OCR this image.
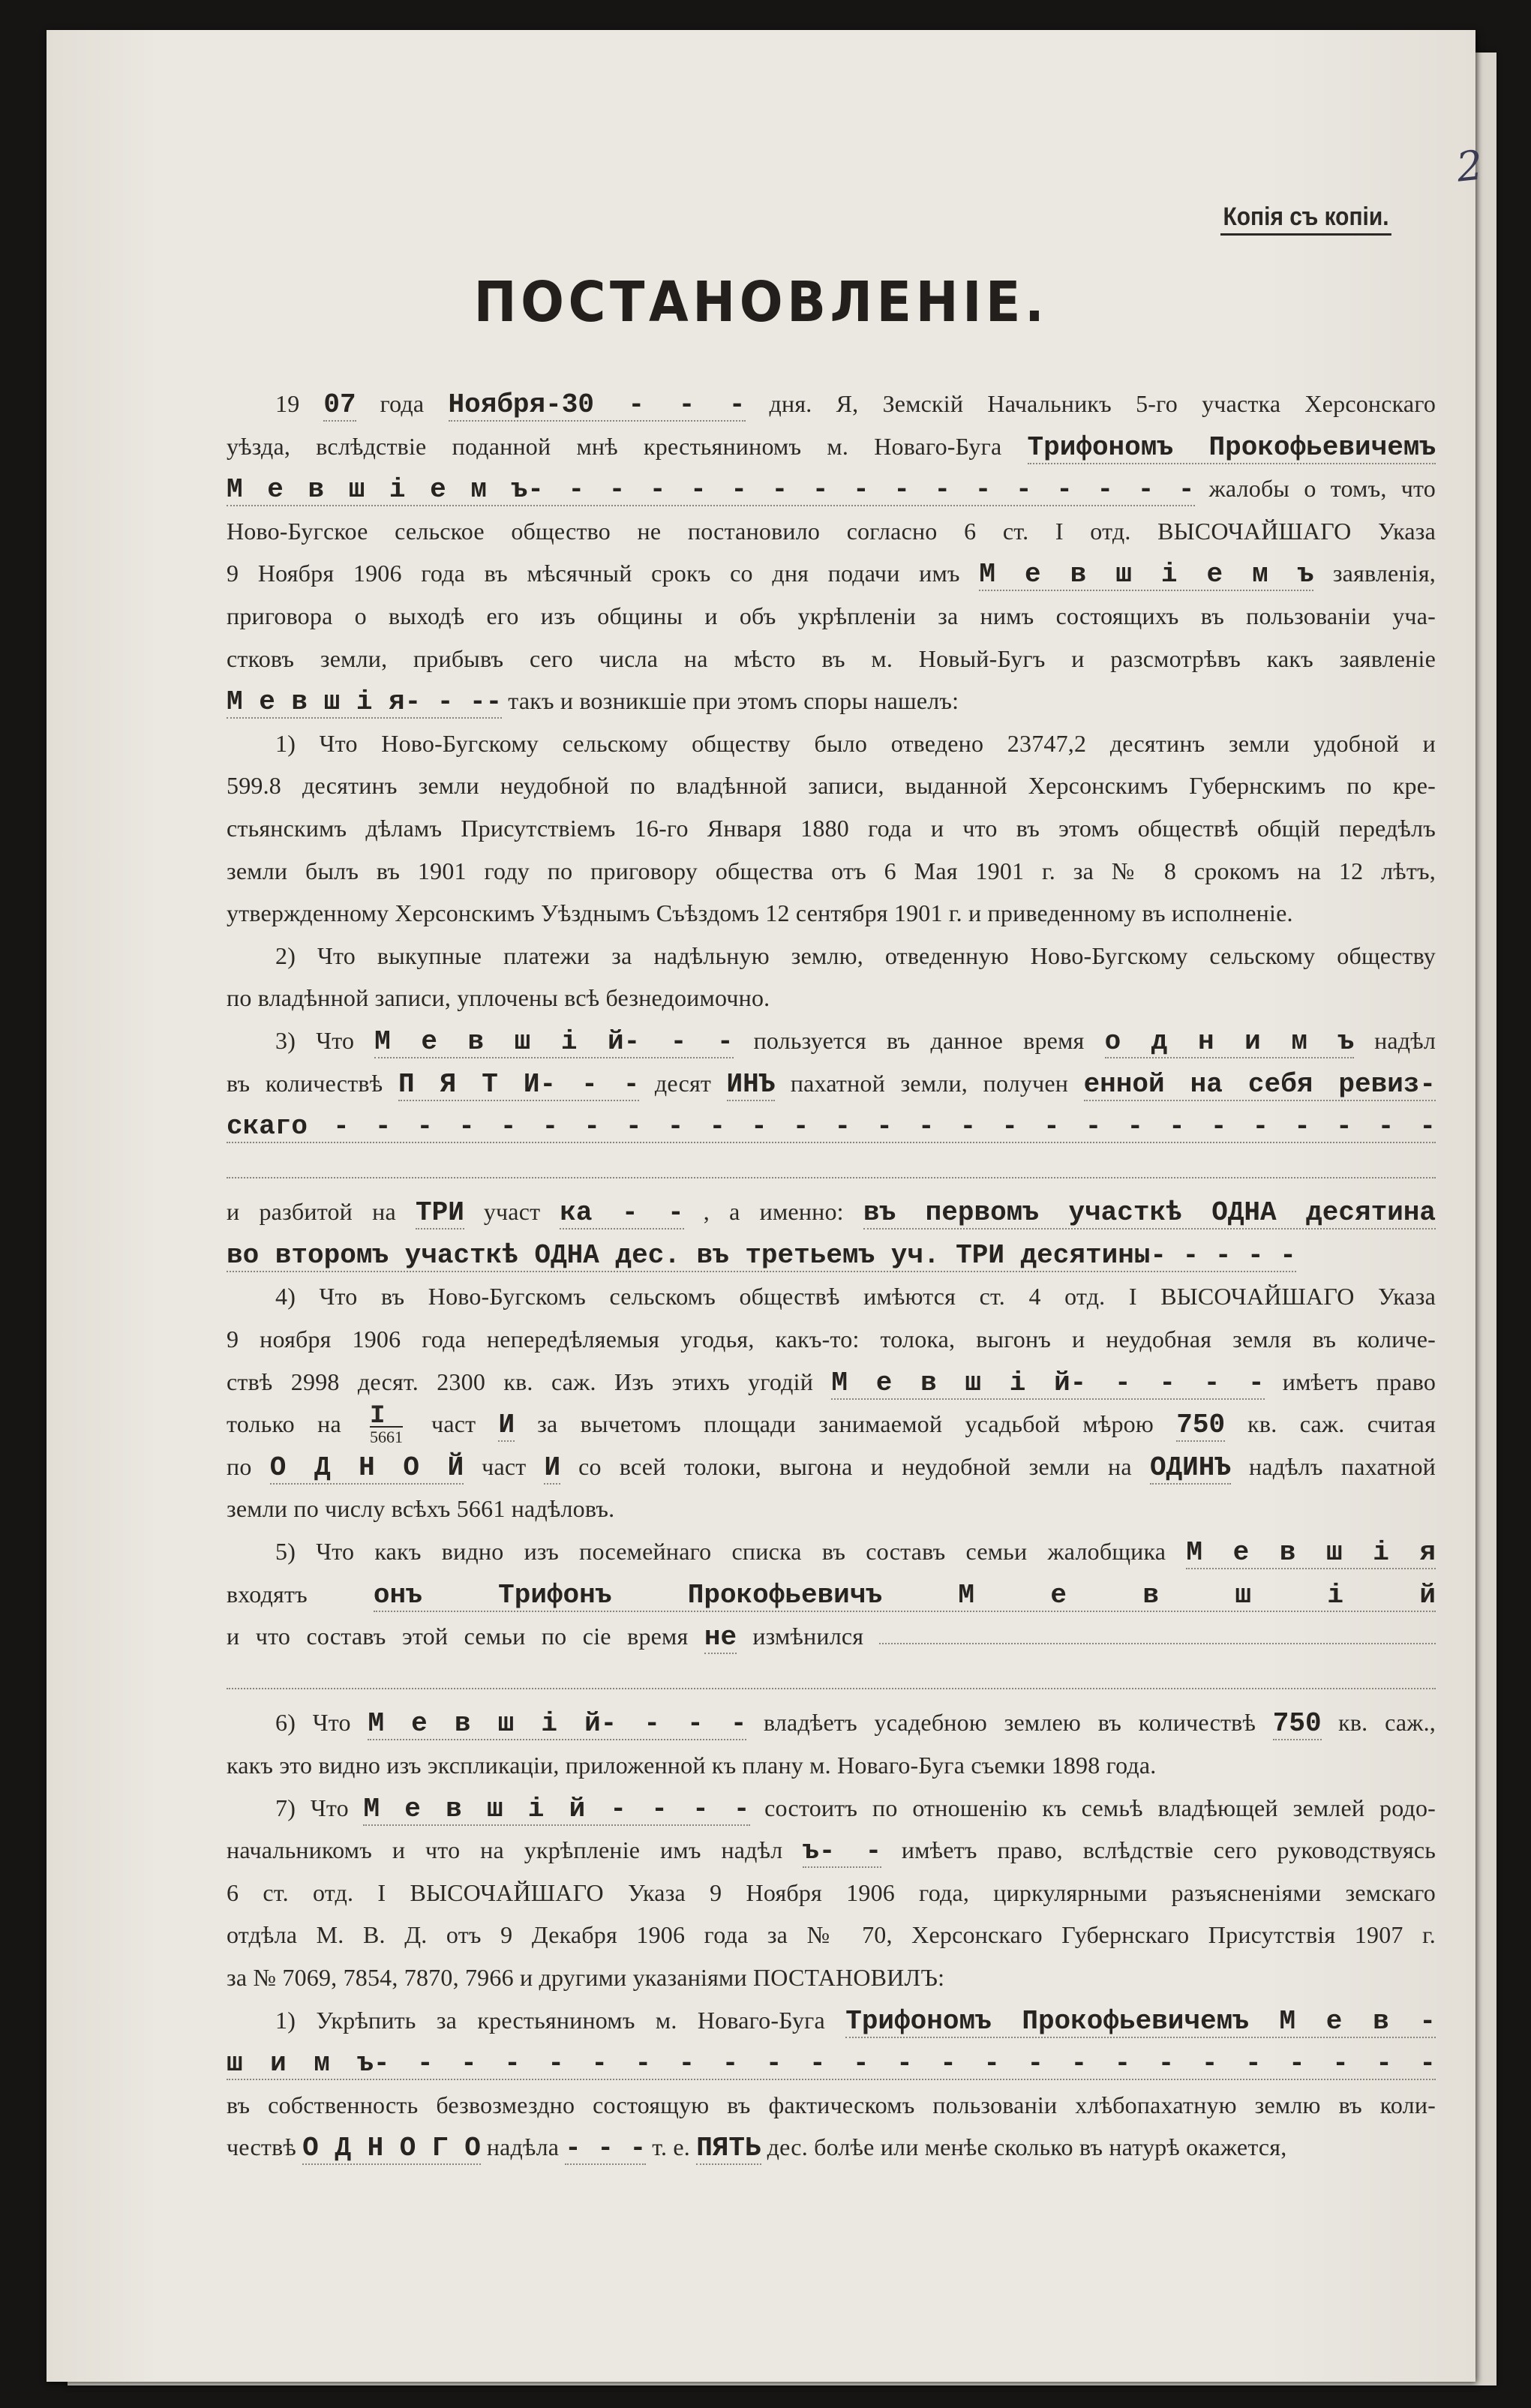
2
Копія съ копіи.
ПОСТАНОВЛЕНІЕ.
19 07 года Ноября-30 - - - дня. Я, Земскій Начальникъ 5-го участка Херсонскаго
уѣзда, вслѣдствіе поданной мнѣ крестьяниномъ м. Новаго-Буга Трифономъ Прокофьевичемъ
М е в ш і е м ъ- - - - - - - - - - - - - - - - - жалобы о томъ, что
Ново-Бугское сельское общество не постановило согласно 6 ст. I отд. ВЫСОЧАЙШАГО Указа
9 Ноября 1906 года въ мѣсячный срокъ со дня подачи имъ М е в ш і е м ъ заявленія,
приговора о выходѣ его изъ общины и объ укрѣпленіи за нимъ состоящихъ въ пользованіи уча-
стковъ земли, прибывъ сего числа на мѣсто въ м. Новый-Бугъ и разсмотрѣвъ какъ заявленіе
М е в ш і я- - -- такъ и возникшіе при этомъ споры нашелъ:
1) Что Ново-Бугскому сельскому обществу было отведено 23747,2 десятинъ земли удобной и
599.8 десятинъ земли неудобной по владѣнной записи, выданной Херсонскимъ Губернскимъ по кре-
стьянскимъ дѣламъ Присутствіемъ 16-го Января 1880 года и что въ этомъ обществѣ общій передѣлъ
земли былъ въ 1901 году по приговору общества отъ 6 Мая 1901 г. за № 8 срокомъ на 12 лѣтъ,
утвержденному Херсонскимъ Уѣзднымъ Съѣздомъ 12 сентября 1901 г. и приведенному въ исполненіе.
2) Что выкупные платежи за надѣльную землю, отведенную Ново-Бугскому сельскому обществу
по владѣнной записи, уплочены всѣ безнедоимочно.
3) Что М е в ш і й- - - пользуется въ данное время о д н и м ъ надѣл
въ количествѣ П Я Т И- - - десят ИНЪ пахатной земли, получен енной на себя ревиз-
скаго - - - - - - - - - - - - - - - - - - - - - - - - - - -
и разбитой на ТРИ участ ка - - , а именно: въ первомъ участкѣ ОДНА десятина
во второмъ участкѣ ОДНА дес. въ третьемъ уч. ТРИ десятины- - - - -
4) Что въ Ново-Бугскомъ сельскомъ обществѣ имѣются ст. 4 отд. I ВЫСОЧАЙШАГО Указа
9 ноября 1906 года непередѣляемыя угодья, какъ-то: толока, выгонъ и неудобная земля въ количе-
ствѣ 2998 десят. 2300 кв. саж. Изъ этихъ угодій М е в ш і й- - - - - имѣетъ право
только на $\frac{I}{5661}$ част И за вычетомъ площади занимаемой усадьбой мѣрою 750 кв. саж. считая
по О Д Н О Й част И со всей толоки, выгона и неудобной земли на ОДИНЪ надѣлъ пахатной
земли по числу всѣхъ 5661 надѣловъ.
5) Что какъ видно изъ посемейнаго списка въ составъ семьи жалобщика М е в ш і я
входятъ онъ Трифонъ Прокофьевичъ М е в ш і й
и что составъ этой семьи по сіе время не измѣнился
6) Что М е в ш і й- - - - владѣетъ усадебною землею въ количествѣ 750 кв. саж.,
какъ это видно изъ экспликаціи, приложенной къ плану м. Новаго-Буга съемки 1898 года.
7) Что М е в ш і й - - - - состоитъ по отношенію къ семьѣ владѣющей землей родо-
начальникомъ и что на укрѣпленіе имъ надѣл ъ- - имѣетъ право, вслѣдствіе сего руководствуясь
6 ст. отд. I ВЫСОЧАЙШАГО Указа 9 Ноября 1906 года, циркулярными разъясненіями земскаго
отдѣла М. В. Д. отъ 9 Декабря 1906 года за № 70, Херсонскаго Губернскаго Присутствія 1907 г.
за № 7069, 7854, 7870, 7966 и другими указаніями ПОСТАНОВИЛЪ:
1) Укрѣпить за крестьяниномъ м. Новаго-Буга Трифономъ Прокофьевичемъ М е в -
ш и м ъ- - - - - - - - - - - - - - - - - - - - - - - - -
въ собственность безвозмездно состоящую въ фактическомъ пользованіи хлѣбопахатную землю въ коли-
чествѣ О Д Н О Г О надѣла - - - т. е. ПЯТЬ дес. болѣе или менѣе сколько въ натурѣ окажется,
